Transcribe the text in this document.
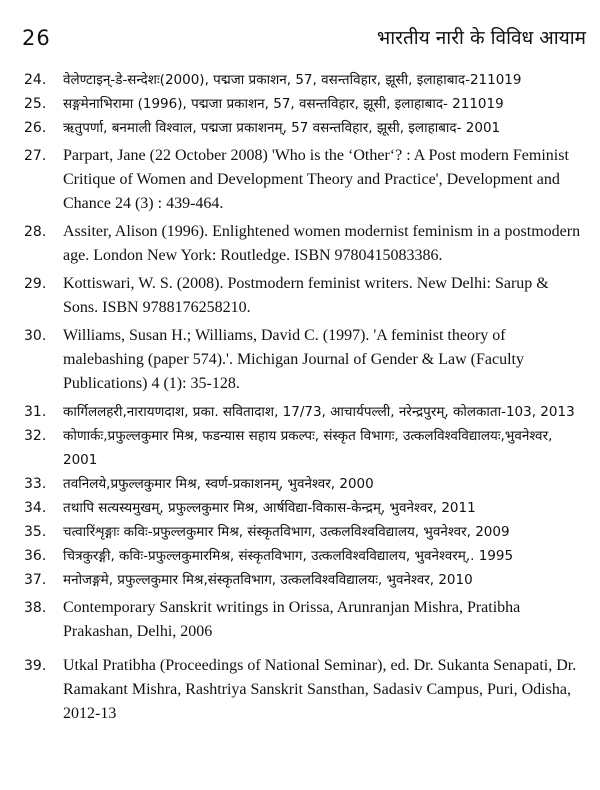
26	भारतीय नारी के विविध आयाम
24. वेलेण्टाइन्-डे-सन्देशः(2000), पद्मजा प्रकाशन, 57, वसन्तविहार, झूसी, इलाहाबाद-211019
25. सङ्गमेनाभिरामा (1996), पद्मजा प्रकाशन, 57, वसन्तविहार, झूसी, इलाहाबाद- 211019
26. ऋतुपर्णा, बनमाली विश्वाल, पद्मजा प्रकाशनम्, 57 वसन्तविहार, झूसी, इलाहाबाद- 2001
27. Parpart, Jane (22 October 2008) 'Who is the ‘Other‘? : A Post modern Feminist Critique of Women and Development Theory and Practice', Development and Chance 24 (3) : 439-464.
28. Assiter, Alison (1996). Enlightened women modernist feminism in a postmodern age. London New York: Routledge. ISBN 9780415083386.
29. Kottiswari, W. S. (2008). Postmodern feminist writers. New Delhi: Sarup & Sons. ISBN 9788176258210.
30. Williams, Susan H.; Williams, David C. (1997). 'A feminist theory of malebashing (paper 574).'. Michigan Journal of Gender & Law (Faculty Publications) 4 (1): 35-128.
31. कार्गिललहरी,नारायणदाश, प्रका. सवितादाश, 17/73, आचार्यपल्ली, नरेन्द्रपुरम्, कोलकाता-103, 2013
32. कोणार्कः,प्रफुल्लकुमार मिश्र, फडन्यास सहाय प्रकल्पः, संस्कृत विभागः, उत्कलविश्वविद्यालयः,भुवनेश्वर, 2001
33. तवनिलये,प्रफुल्लकुमार मिश्र, स्वर्ण-प्रकाशनम्, भुवनेश्वर, 2000
34. तथापि सत्यस्यमुखम्, प्रफुल्लकुमार मिश्र, आर्षविद्या-विकास-केन्द्रम्, भुवनेश्वर, 2011
35. चत्वारिंशृङ्गाः कविः-प्रफुल्लकुमार मिश्र, संस्कृतविभाग, उत्कलविश्वविद्यालय, भुवनेश्वर, 2009
36. चित्रकुरङ्गी, कविः-प्रफुल्लकुमारमिश्र, संस्कृतविभाग, उत्कलविश्वविद्यालय, भुवनेश्वरम्,. 1995
37. मनोजङ्गमे, प्रफुल्लकुमार मिश्र,संस्कृतविभाग, उत्कलविश्वविद्यालयः, भुवनेश्वर, 2010
38. Contemporary Sanskrit writings in Orissa, Arunranjan Mishra, Pratibha Prakashan, Delhi, 2006
39. Utkal Pratibha (Proceedings of National Seminar), ed. Dr. Sukanta Senapati, Dr. Ramakant Mishra, Rashtriya Sanskrit Sansthan, Sadasiv Campus, Puri, Odisha, 2012-13
